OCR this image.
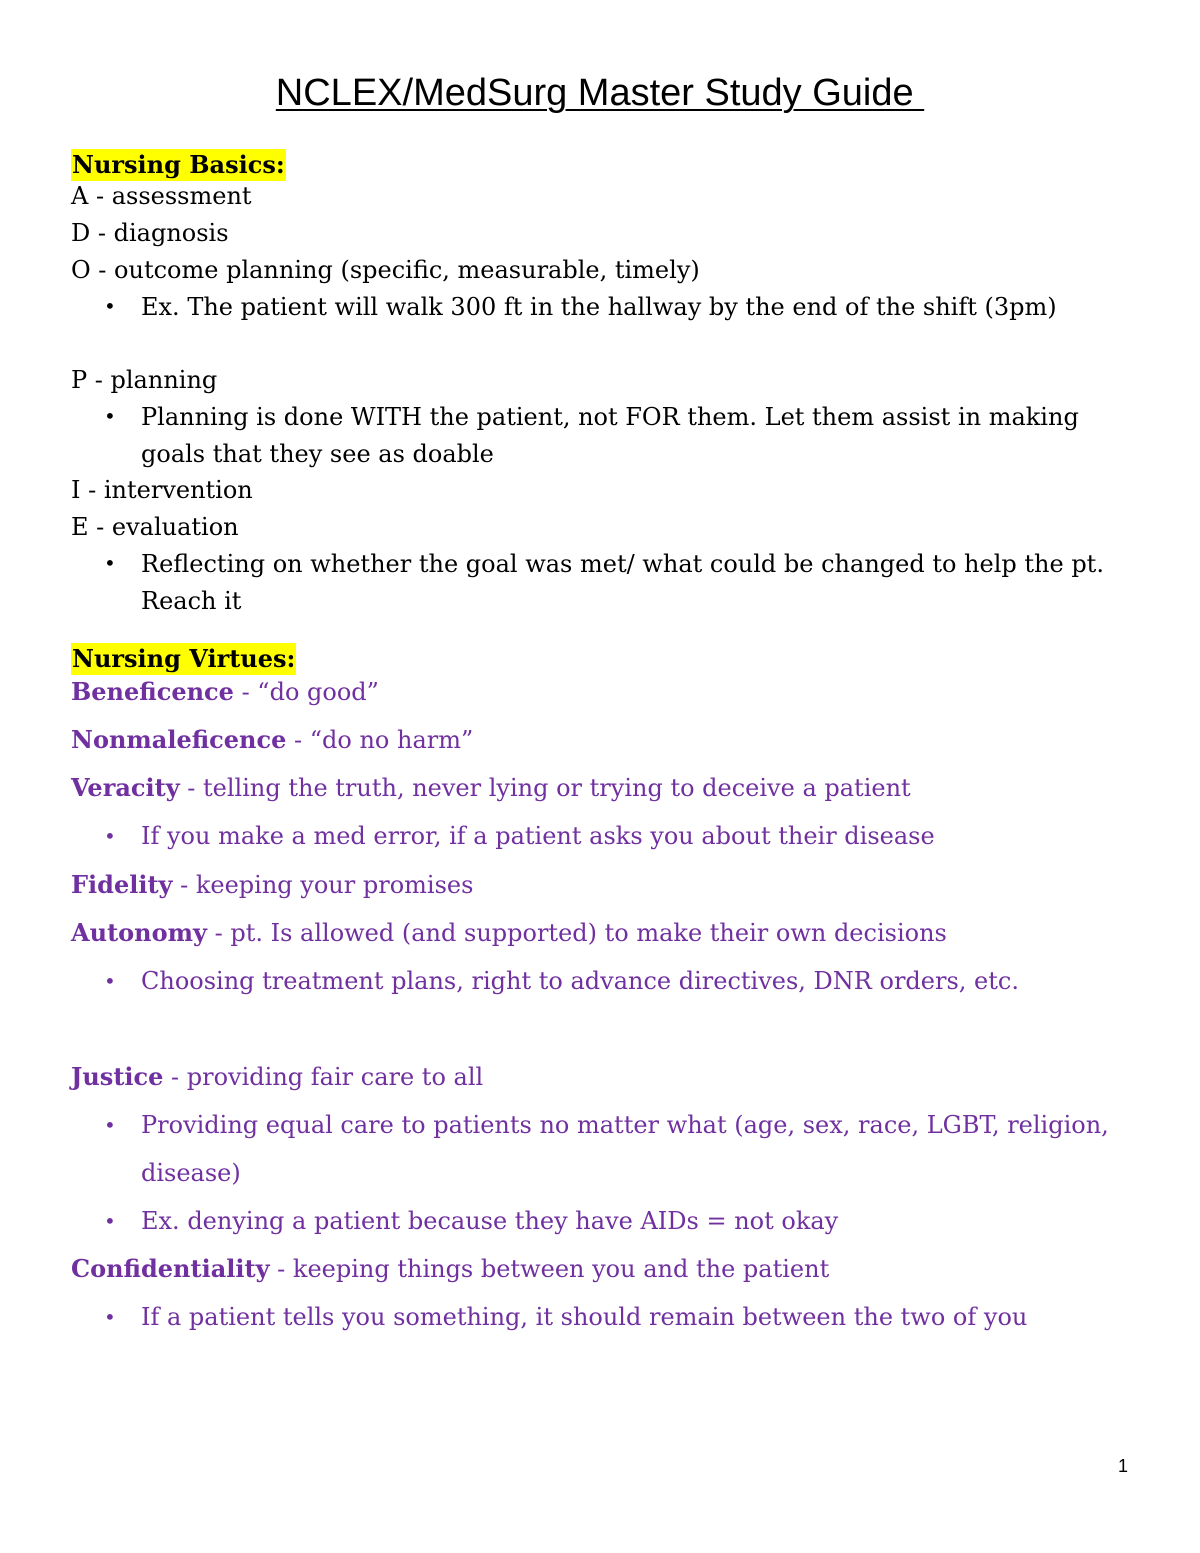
NCLEX/MedSurg Master Study Guide
Nursing Basics:
A - assessment
D - diagnosis
O - outcome planning (specific, measurable, timely)
• Ex. The patient will walk 300 ft in the hallway by the end of the shift (3pm)
P - planning
• Planning is done WITH the patient, not FOR them. Let them assist in making goals that they see as doable
I - intervention
E - evaluation
• Reflecting on whether the goal was met/ what could be changed to help the pt. Reach it
Nursing Virtues:
Beneficence - “do good”
Nonmaleficence - “do no harm”
Veracity - telling the truth, never lying or trying to deceive a patient
• If you make a med error, if a patient asks you about their disease
Fidelity - keeping your promises
Autonomy - pt. Is allowed (and supported) to make their own decisions
• Choosing treatment plans, right to advance directives, DNR orders, etc.
Justice - providing fair care to all
• Providing equal care to patients no matter what (age, sex, race, LGBT, religion, disease)
• Ex. denying a patient because they have AIDs = not okay
Confidentiality - keeping things between you and the patient
• If a patient tells you something, it should remain between the two of you
1
